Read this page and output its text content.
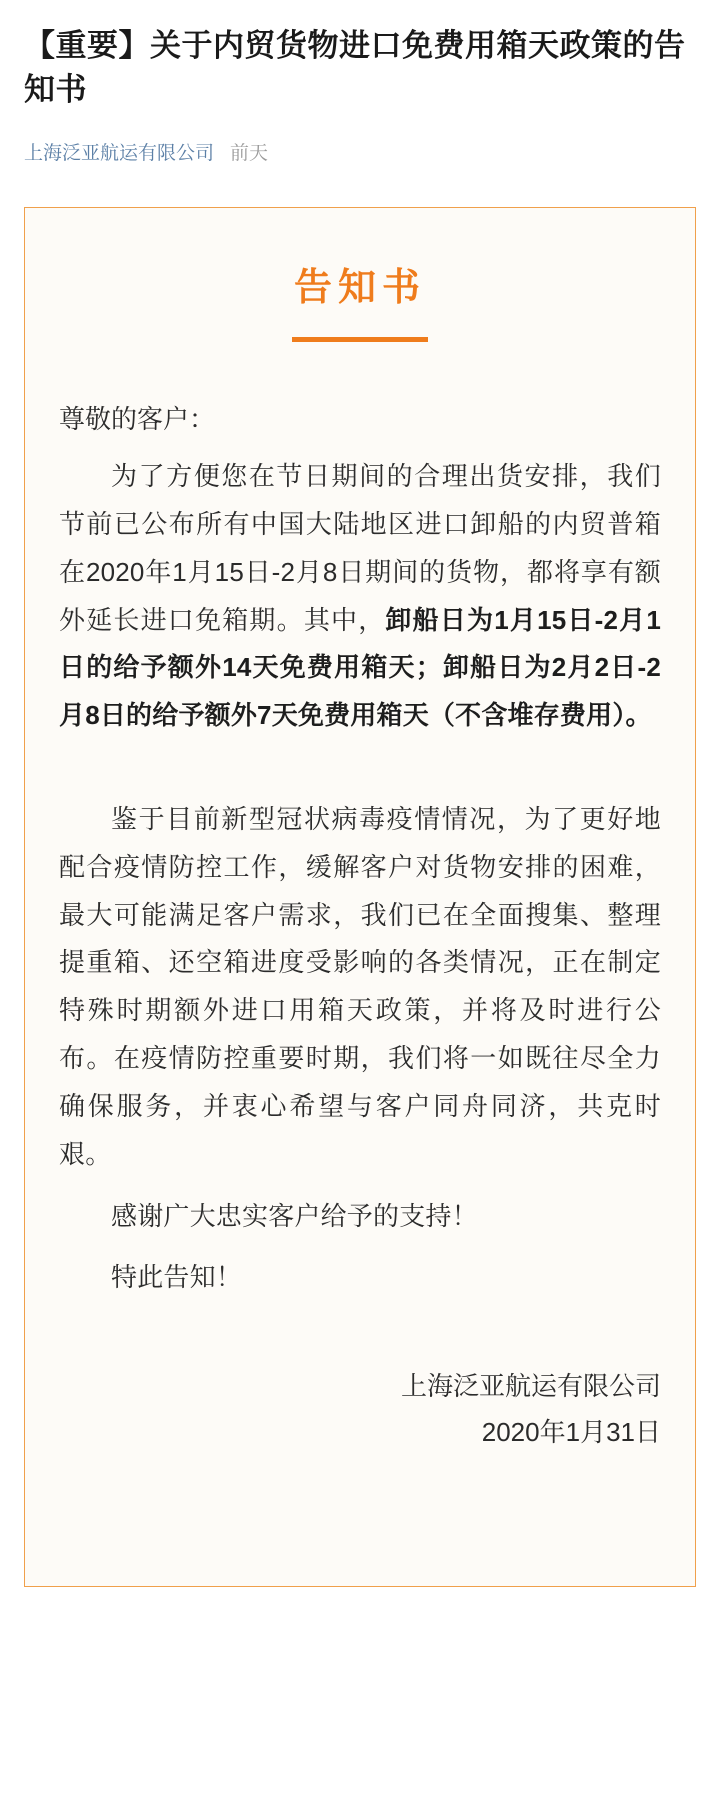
【重要】关于内贸货物进口免费用箱天政策的告知书
上海泛亚航运有限公司 前天
告知书
尊敬的客户：

为了方便您在节日期间的合理出货安排，我们节前已公布所有中国大陆地区进口卸船的内贸普箱在2020年1月15日-2月8日期间的货物，都将享有额外延长进口免箱期。其中，卸船日为1月15日-2月1日的给予额外14天免费用箱天；卸船日为2月2日-2月8日的给予额外7天免费用箱天（不含堆存费用）。

鉴于目前新型冠状病毒疫情情况，为了更好地配合疫情防控工作，缓解客户对货物安排的困难，最大可能满足客户需求，我们已在全面搜集、整理提重箱、还空箱进度受影响的各类情况，正在制定特殊时期额外进口用箱天政策，并将及时进行公布。在疫情防控重要时期，我们将一如既往尽全力确保服务，并衷心希望与客户同舟同济，共克时艰。

感谢广大忠实客户给予的支持！

特此告知！

上海泛亚航运有限公司
2020年1月31日
